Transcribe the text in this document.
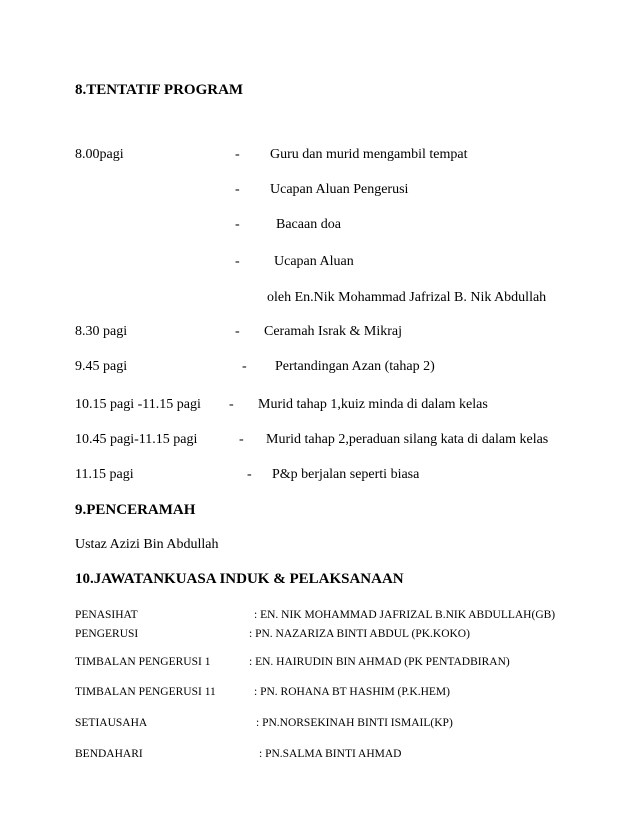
8.TENTATIF PROGRAM
8.00pagi	- Guru dan murid mengambil tempat
- Ucapan Aluan Pengerusi
-	Bacaan doa
- Ucapan Aluan
oleh En.Nik Mohammad Jafrizal B. Nik Abdullah
8.30 pagi	- Ceramah Israk & Mikraj
9.45 pagi	- Pertandingan Azan (tahap 2)
10.15 pagi -11.15 pagi - Murid tahap 1,kuiz minda di dalam kelas
10.45 pagi-11.15 pagi	- Murid tahap 2,peraduan silang kata di dalam kelas
11.15 pagi	- P&p berjalan seperti biasa
9.PENCERAMAH
Ustaz Azizi Bin Abdullah
10.JAWATANKUASA INDUK & PELAKSANAAN
PENASIHAT	: EN. NIK MOHAMMAD JAFRIZAL B.NIK ABDULLAH(GB)
PENGERUSI	: PN. NAZARIZA BINTI ABDUL (PK.KOKO)
TIMBALAN PENGERUSI 1	: EN. HAIRUDIN BIN AHMAD (PK PENTADBIRAN)
TIMBALAN PENGERUSI 11	: PN. ROHANA BT HASHIM (P.K.HEM)
SETIAUSAHA	: PN.NORSEKINAH BINTI ISMAIL(KP)
BENDAHARI	: PN.SALMA BINTI AHMAD
